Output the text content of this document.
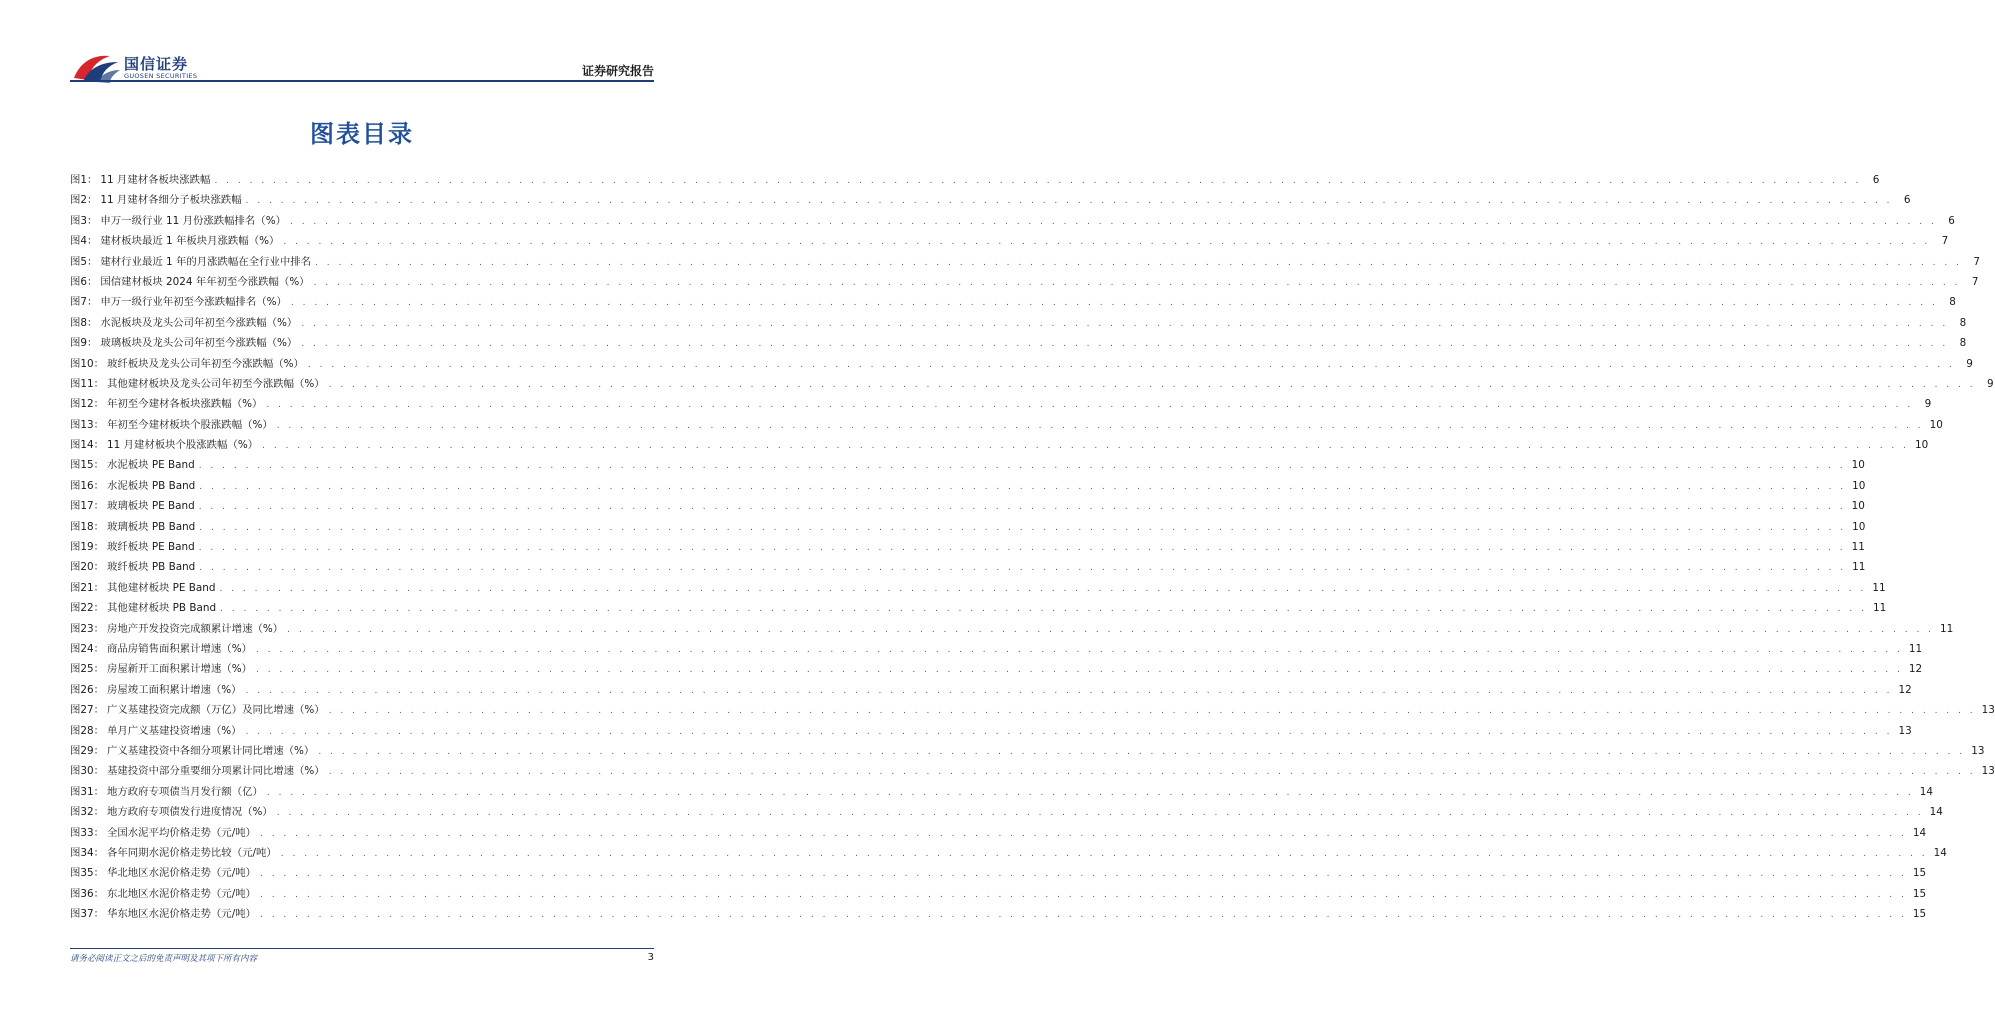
国信证券
GUOSEN SECURITIES	证券研究报告
图表目录
图1： 11 月建材各板块涨跌幅 . . .	6
图2： 11 月建材各细分子板块涨跌幅 . . .	6
图3： 申万一级行业 11 月份涨跌幅排名（%） . . .	6
图4： 建材板块最近 1 年板块月涨跌幅（%） . . .	7
图5： 建材行业最近 1 年的月涨跌幅在全行业中排名 . . .	7
图6： 国信建材板块 2024 年年初至今涨跌幅（%） . . .	7
图7： 申万一级行业年初至今涨跌幅排名（%） . . .	8
图8： 水泥板块及龙头公司年初至今涨跌幅（%） . . .	8
图9： 玻璃板块及龙头公司年初至今涨跌幅（%） . . .	8
图10： 玻纤板块及龙头公司年初至今涨跌幅（%） . . .	9
图11： 其他建材板块及龙头公司年初至今涨跌幅（%） . . .	9
图12： 年初至今建材各板块涨跌幅（%） . . .	9
图13： 年初至今建材板块个股涨跌幅（%） . . .	10
图14： 11 月建材板块个股涨跌幅（%） . . .	10
图15： 水泥板块 PE Band . . .	10
图16： 水泥板块 PB Band . . .	10
图17： 玻璃板块 PE Band . . .	10
图18： 玻璃板块 PB Band . . .	10
图19： 玻纤板块 PE Band . . .	11
图20： 玻纤板块 PB Band . . .	11
图21： 其他建材板块 PE Band . . .	11
图22： 其他建材板块 PB Band . . .	11
图23： 房地产开发投资完成额累计增速（%） . . .	11
图24： 商品房销售面积累计增速（%） . . .	11
图25： 房屋新开工面积累计增速（%） . . .	12
图26： 房屋竣工面积累计增速（%） . . .	12
图27： 广义基建投资完成额（万亿）及同比增速（%） . . .	13
图28： 单月广义基建投资增速（%） . . .	13
图29： 广义基建投资中各细分项累计同比增速（%） . . .	13
图30： 基建投资中部分重要细分项累计同比增速（%） . . .	13
图31： 地方政府专项债当月发行额（亿） . . .	14
图32： 地方政府专项债发行进度情况（%） . . .	14
图33： 全国水泥平均价格走势（元/吨） . . .	14
图34： 各年同期水泥价格走势比较（元/吨） . . .	14
图35： 华北地区水泥价格走势（元/吨） . . .	15
图36： 东北地区水泥价格走势（元/吨） . . .	15
图37： 华东地区水泥价格走势（元/吨） . . .	15
请务必阅读正文之后的免责声明及其项下所有内容	3
